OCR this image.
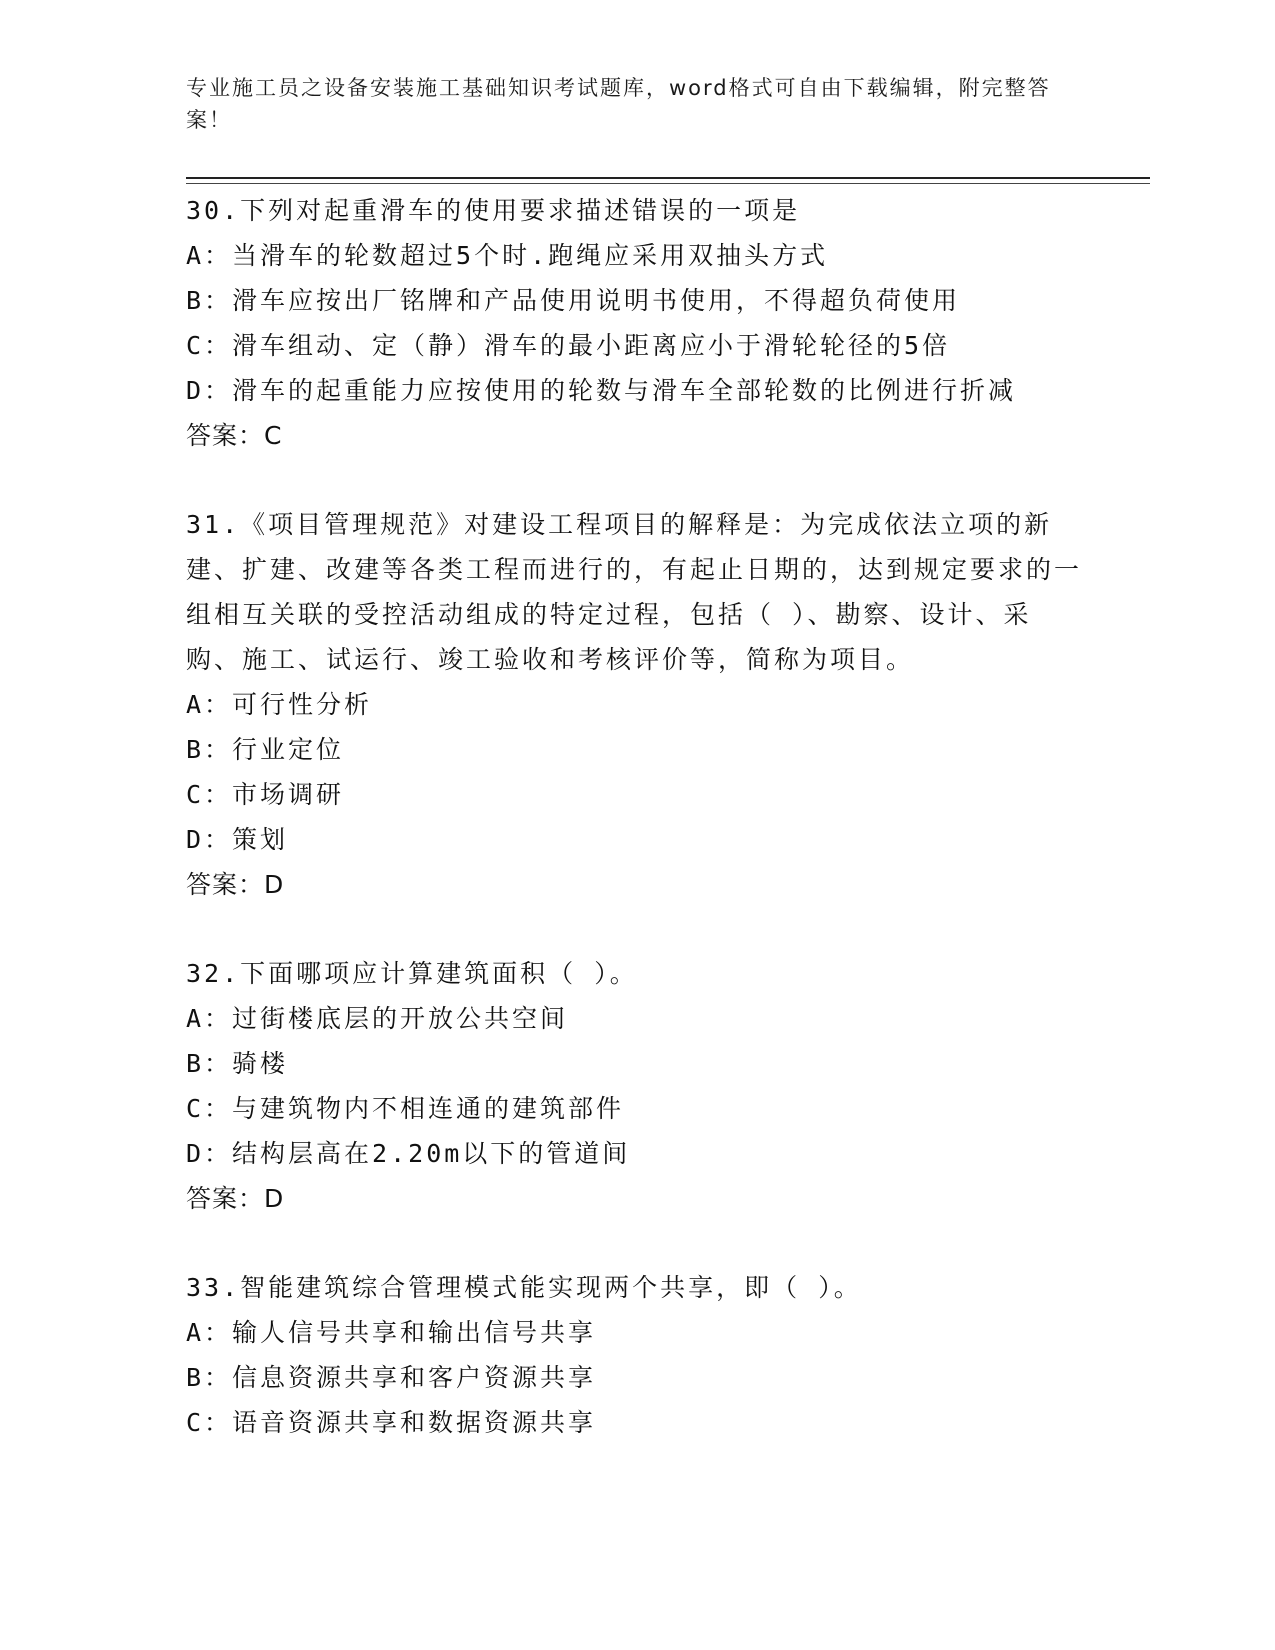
专业施工员之设备安装施工基础知识考试题库，word格式可自由下载编辑，附完整答案！

30.下列对起重滑车的使用要求描述错误的一项是

A：当滑车的轮数超过5个时.跑绳应采用双抽头方式

B：滑车应按出厂铭牌和产品使用说明书使用，不得超负荷使用

C：滑车组动、定（静）滑车的最小距离应小于滑轮轮径的5倍

D：滑车的起重能力应按使用的轮数与滑车全部轮数的比例进行折减

答案：C

31.《项目管理规范》对建设工程项目的解释是：为完成依法立项的新建、扩建、改建等各类工程而进行的，有起止日期的，达到规定要求的一组相互关联的受控活动组成的特定过程，包括（ ）、勘察、设计、采购、施工、试运行、竣工验收和考核评价等，简称为项目。

A：可行性分析

B：行业定位

C：市场调研

D：策划

答案：D

32.下面哪项应计算建筑面积（ ）。

A：过街楼底层的开放公共空间

B：骑楼

C：与建筑物内不相连通的建筑部件

D：结构层高在2.20m以下的管道间

答案：D

33.智能建筑综合管理模式能实现两个共享，即（ ）。

A：输人信号共享和输出信号共享

B：信息资源共享和客户资源共享

C：语音资源共享和数据资源共享
